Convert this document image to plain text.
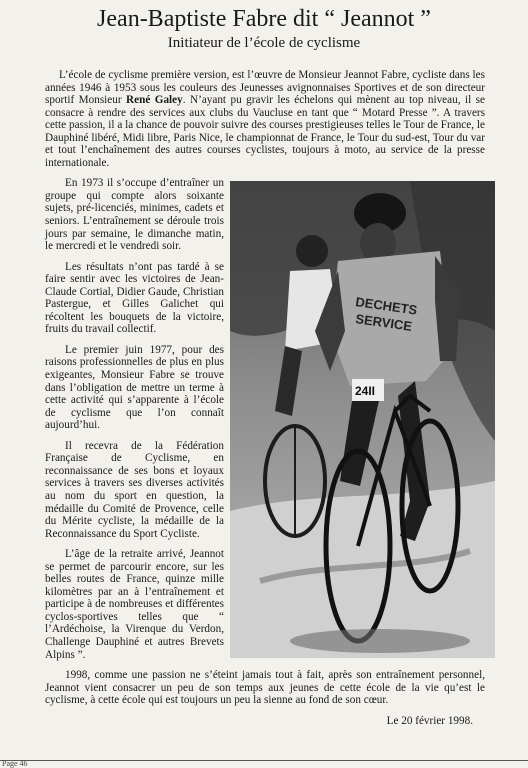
Jean-Baptiste Fabre dit “ Jeannot ”
Initiateur de l’école de cyclisme

L’école de cyclisme première version, est l’œuvre de Monsieur Jeannot Fabre, cycliste dans les années 1946 à 1953 sous les couleurs des Jeunesses avignonnaises Sportives et de son directeur sportif Monsieur René Galey. N’ayant pu gravir les échelons qui mènent au top niveau, il se consacre à rendre des services aux clubs du Vaucluse en tant que “ Motard Presse ”. A travers cette passion, il a la chance de pouvoir suivre des courses prestigieuses telles le Tour de France, le Dauphiné libéré, Midi libre, Paris Nice, le championnat de France, le Tour du sud-est, Tour du var et tout l’enchaînement des autres courses cyclistes, toujours à moto, au service de la presse internationale.

DECHETS
SERVICE
24II

En 1973 il s’occupe d’entraîner un groupe qui compte alors soixante sujets, pré-licenciés, minimes, cadets et seniors. L’entraînement se déroule trois jours par semaine, le dimanche matin, le mercredi et le vendredi soir.

Les résultats n’ont pas tardé à se faire sentir avec les victoires de Jean-Claude Cortial, Didier Gaude, Christian Pastergue, et Gilles Galichet qui récoltent les bouquets de la victoire, fruits du travail collectif.

Le premier juin 1977, pour des raisons professionnelles de plus en plus exigeantes, Monsieur Fabre se trouve dans l’obligation de mettre un terme à cette activité qui s’apparente à l’école de cyclisme que l’on connaît aujourd’hui.

Il recevra de la Fédération Française de Cyclisme, en reconnaissance de ses bons et loyaux services à travers ses diverses activités au nom du sport en question, la médaille du Comité de Provence, celle du Mérite cycliste, la médaille de la Reconnaissance du Sport Cycliste.

L’âge de la retraite arrivé, Jeannot se permet de parcourir encore, sur les belles routes de France, quinze mille kilomètres par an à l’entraînement et participe à de nombreuses et différentes cyclos-sportives telles que “ l’Ardéchoise, la Virenque du Verdon, Challenge Dauphiné et autres Brevets Alpins ”.

1998, comme une passion ne s’éteint jamais tout à fait, après son entraînement personnel, Jeannot vient consacrer un peu de son temps aux jeunes de cette école de la vie qu’est le cyclisme, à cette école qui est toujours un peu la sienne au fond de son cœur.

Le 20 février 1998.

Page 46
